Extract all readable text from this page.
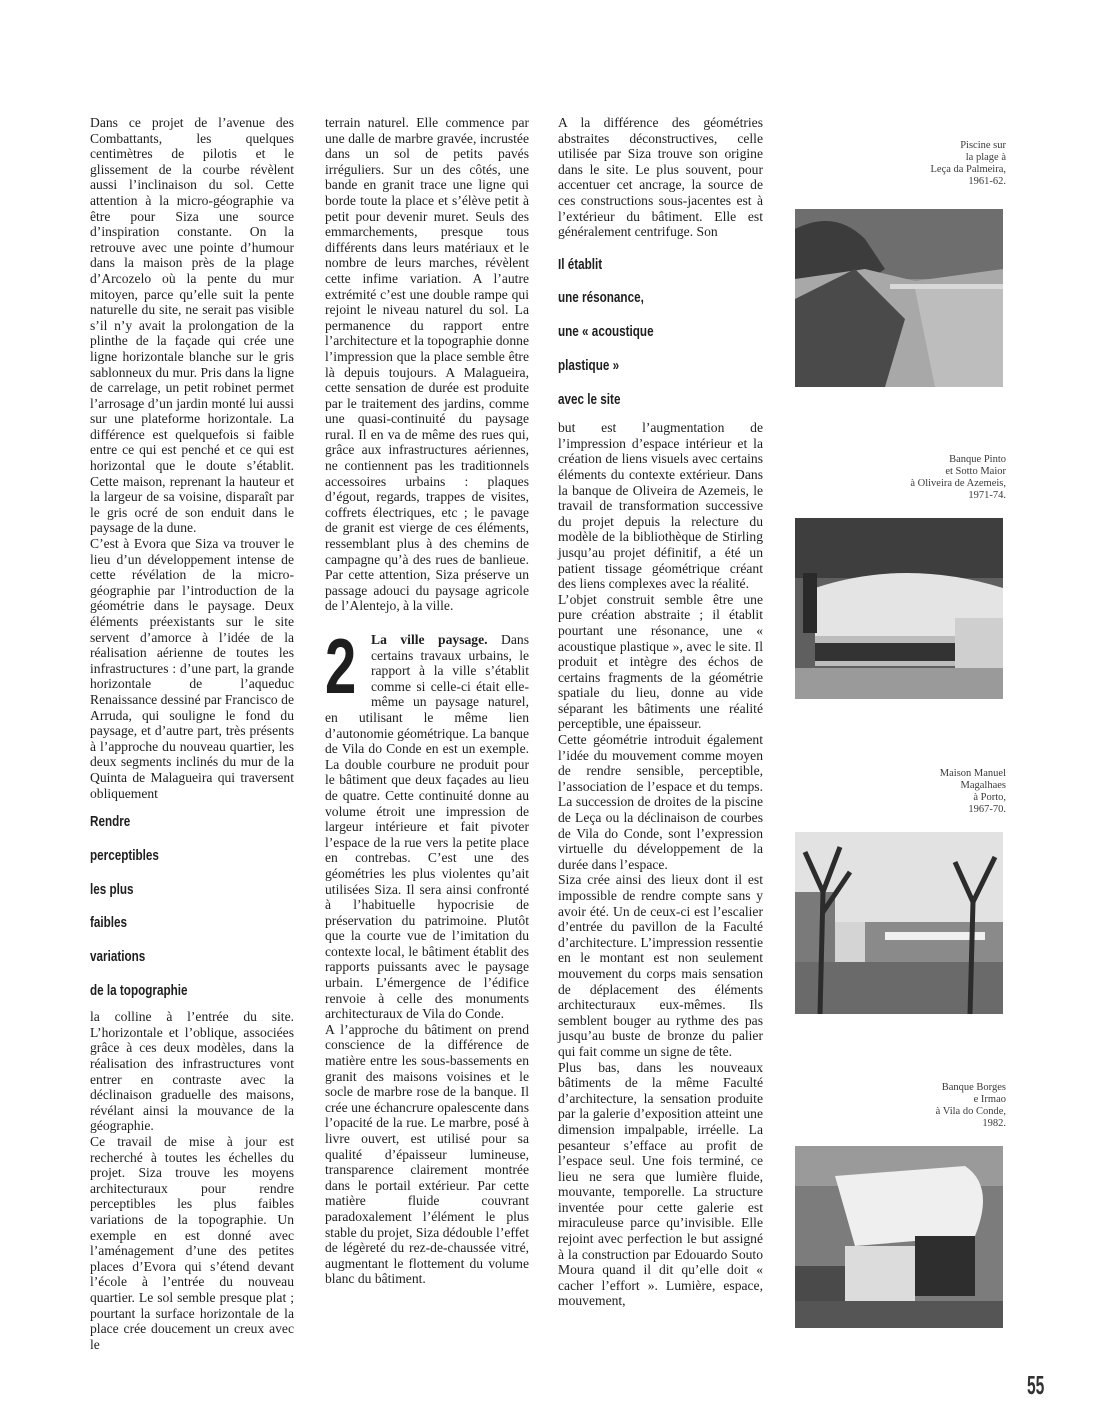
Dans ce projet de l’avenue des Combattants, les quelques centimètres de pilotis et le glissement de la courbe révèlent aussi l’inclinaison du sol. Cette attention à la micro-géographie va être pour Siza une source d’inspiration constante. On la retrouve avec une pointe d’humour dans la maison près de la plage d’Arcozelo où la pente du mur mitoyen, parce qu’elle suit la pente naturelle du site, ne serait pas visible s’il n’y avait la prolongation de la plinthe de la façade qui crée une ligne horizontale blanche sur le gris sablonneux du mur. Pris dans la ligne de carrelage, un petit robinet permet l’arrosage d’un jardin monté lui aussi sur une plateforme horizontale. La différence est quelquefois si faible entre ce qui est penché et ce qui est horizontal que le doute s’établit. Cette maison, reprenant la hauteur et la largeur de sa voisine, disparaît par le gris ocré de son enduit dans le paysage de la dune.

C’est à Evora que Siza va trouver le lieu d’un développement intense de cette révélation de la micro-géographie par l’introduction de la géométrie dans le paysage. Deux éléments préexistants sur le site servent d’amorce à l’idée de la réalisation aérienne de toutes les infrastructures : d’une part, la grande horizontale de l’aqueduc Renaissance dessiné par Francisco de Arruda, qui souligne le fond du paysage, et d’autre part, très présents à l’approche du nouveau quartier, les deux segments inclinés du mur de la Quinta de Malagueira qui traversent obliquement

Rendre
perceptibles
les plus
faibles
variations
de la topographie

la colline à l’entrée du site. L’horizontale et l’oblique, associées grâce à ces deux modèles, dans la réalisation des infrastructures vont entrer en contraste avec la déclinaison graduelle des maisons, révélant ainsi la mouvance de la géographie.

Ce travail de mise à jour est recherché à toutes les échelles du projet. Siza trouve les moyens architecturaux pour rendre perceptibles les plus faibles variations de la topographie. Un exemple en est donné avec l’aménagement d’une des petites places d’Evora qui s’étend devant l’école à l’entrée du nouveau quartier. Le sol semble presque plat ; pourtant la surface horizontale de la place crée doucement un creux avec le

terrain naturel. Elle commence par une dalle de marbre gravée, incrustée dans un sol de petits pavés irréguliers. Sur un des côtés, une bande en granit trace une ligne qui borde toute la place et s’élève petit à petit pour devenir muret. Seuls des emmarchements, presque tous différents dans leurs matériaux et le nombre de leurs marches, révèlent cette infime variation. A l’autre extrémité c’est une double rampe qui rejoint le niveau naturel du sol. La permanence du rapport entre l’architecture et la topographie donne l’impression que la place semble être là depuis toujours. A Malagueira, cette sensation de durée est produite par le traitement des jardins, comme une quasi-continuité du paysage rural. Il en va de même des rues qui, grâce aux infrastructures aériennes, ne contiennent pas les traditionnels accessoires urbains : plaques d’égout, regards, trappes de visites, coffrets électriques, etc ; le pavage de granit est vierge de ces éléments, ressemblant plus à des chemins de campagne qu’à des rues de banlieue. Par cette attention, Siza préserve un passage adouci du paysage agricole de l’Alentejo, à la ville.

2	La ville paysage. Dans certains travaux urbains, le rapport à la ville s’établit comme si celle-ci était elle-même un paysage naturel, en utilisant le même lien d’autonomie géométrique. La banque de Vila do Conde en est un exemple. La double courbure ne produit pour le bâtiment que deux façades au lieu de quatre. Cette continuité donne au volume étroit une impression de largeur intérieure et fait pivoter l’espace de la rue vers la petite place en contrebas. C’est une des géométries les plus violentes qu’ait utilisées Siza. Il sera ainsi confronté à l’habituelle hypocrisie de préservation du patrimoine. Plutôt que la courte vue de l’imitation du contexte local, le bâtiment établit des rapports puissants avec le paysage urbain. L’émergence de l’édifice renvoie à celle des monuments architecturaux de Vila do Conde.

A l’approche du bâtiment on prend conscience de la différence de matière entre les sous-bassements en granit des maisons voisines et le socle de marbre rose de la banque. Il crée une échancrure opalescente dans l’opacité de la rue. Le marbre, posé à livre ouvert, est utilisé pour sa qualité d’épaisseur lumineuse, transparence clairement montrée dans le portail extérieur. Par cette matière fluide couvrant paradoxalement l’élément le plus stable du projet, Siza dédouble l’effet de légèreté du rez-de-chaussée vitré, augmentant le flottement du volume blanc du bâtiment.

A la différence des géométries abstraites déconstructives, celle utilisée par Siza trouve son origine dans le site. Le plus souvent, pour accentuer cet ancrage, la source de ces constructions sous-jacentes est à l’extérieur du bâtiment. Elle est généralement centrifuge. Son

Il établit
une résonance,
une « acoustique
plastique »
avec le site

but est l’augmentation de l’impression d’espace intérieur et la création de liens visuels avec certains éléments du contexte extérieur. Dans la banque de Oliveira de Azemeis, le travail de transformation successive du projet depuis la relecture du modèle de la bibliothèque de Stirling jusqu’au projet définitif, a été un patient tissage géométrique créant des liens complexes avec la réalité.

L’objet construit semble être une pure création abstraite ; il établit pourtant une résonance, une « acoustique plastique », avec le site. Il produit et intègre des échos de certains fragments de la géométrie spatiale du lieu, donne au vide séparant les bâtiments une réalité perceptible, une épaisseur.

Cette géométrie introduit également l’idée du mouvement comme moyen de rendre sensible, perceptible, l’association de l’espace et du temps. La succession de droites de la piscine de Leça ou la déclinaison de courbes de Vila do Conde, sont l’expression virtuelle du développement de la durée dans l’espace.

Siza crée ainsi des lieux dont il est impossible de rendre compte sans y avoir été. Un de ceux-ci est l’escalier d’entrée du pavillon de la Faculté d’architecture. L’impression ressentie en le montant est non seulement mouvement du corps mais sensation de déplacement des éléments architecturaux eux-mêmes. Ils semblent bouger au rythme des pas jusqu’au buste de bronze du palier qui fait comme un signe de tête.

Plus bas, dans les nouveaux bâtiments de la même Faculté d’architecture, la sensation produite par la galerie d’exposition atteint une dimension impalpable, irréelle. La pesanteur s’efface au profit de l’espace seul. Une fois terminé, ce lieu ne sera que lumière fluide, mouvante, temporelle. La structure inventée pour cette galerie est miraculeuse parce qu’invisible. Elle rejoint avec perfection le but assigné à la construction par Edouardo Souto Moura quand il dit qu’elle doit « cacher l’effort ». Lumière, espace, mouvement,

Piscine sur
la plage à
Leça da Palmeira,
1961-62.
Banque Pinto
et Sotto Maior
à Oliveira de Azemeis,
1971-74.
Maison Manuel
Magalhaes
à Porto,
1967-70.
Banque Borges
e Irmao
à Vila do Conde,
1982.
55
